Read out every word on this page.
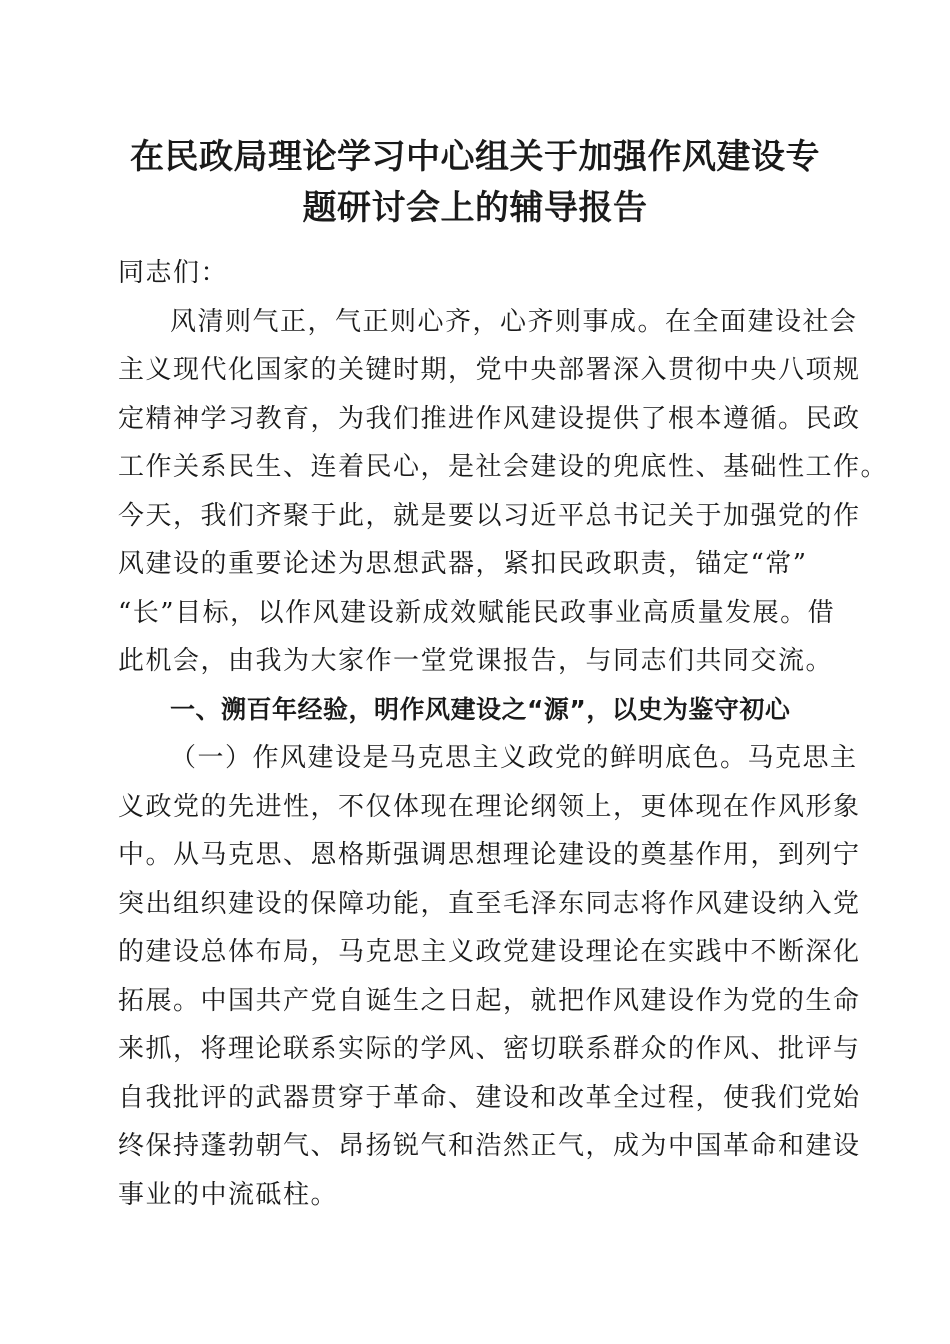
在民政局理论学习中心组关于加强作风建设专
题研讨会上的辅导报告
同志们：
风清则气正，气正则心齐，心齐则事成。在全面建设社会
主义现代化国家的关键时期，党中央部署深入贯彻中央八项规
定精神学习教育，为我们推进作风建设提供了根本遵循。民政
工作关系民生、连着民心，是社会建设的兜底性、基础性工作。
今天，我们齐聚于此，就是要以习近平总书记关于加强党的作
风建设的重要论述为思想武器，紧扣民政职责，锚定“常”
“长”目标，以作风建设新成效赋能民政事业高质量发展。借
此机会，由我为大家作一堂党课报告，与同志们共同交流。
一、溯百年经验，明作风建设之“源”，以史为鉴守初心
（一）作风建设是马克思主义政党的鲜明底色。马克思主
义政党的先进性，不仅体现在理论纲领上，更体现在作风形象
中。从马克思、恩格斯强调思想理论建设的奠基作用，到列宁
突出组织建设的保障功能，直至毛泽东同志将作风建设纳入党
的建设总体布局，马克思主义政党建设理论在实践中不断深化
拓展。中国共产党自诞生之日起，就把作风建设作为党的生命
来抓，将理论联系实际的学风、密切联系群众的作风、批评与
自我批评的武器贯穿于革命、建设和改革全过程，使我们党始
终保持蓬勃朝气、昂扬锐气和浩然正气，成为中国革命和建设
事业的中流砥柱。
